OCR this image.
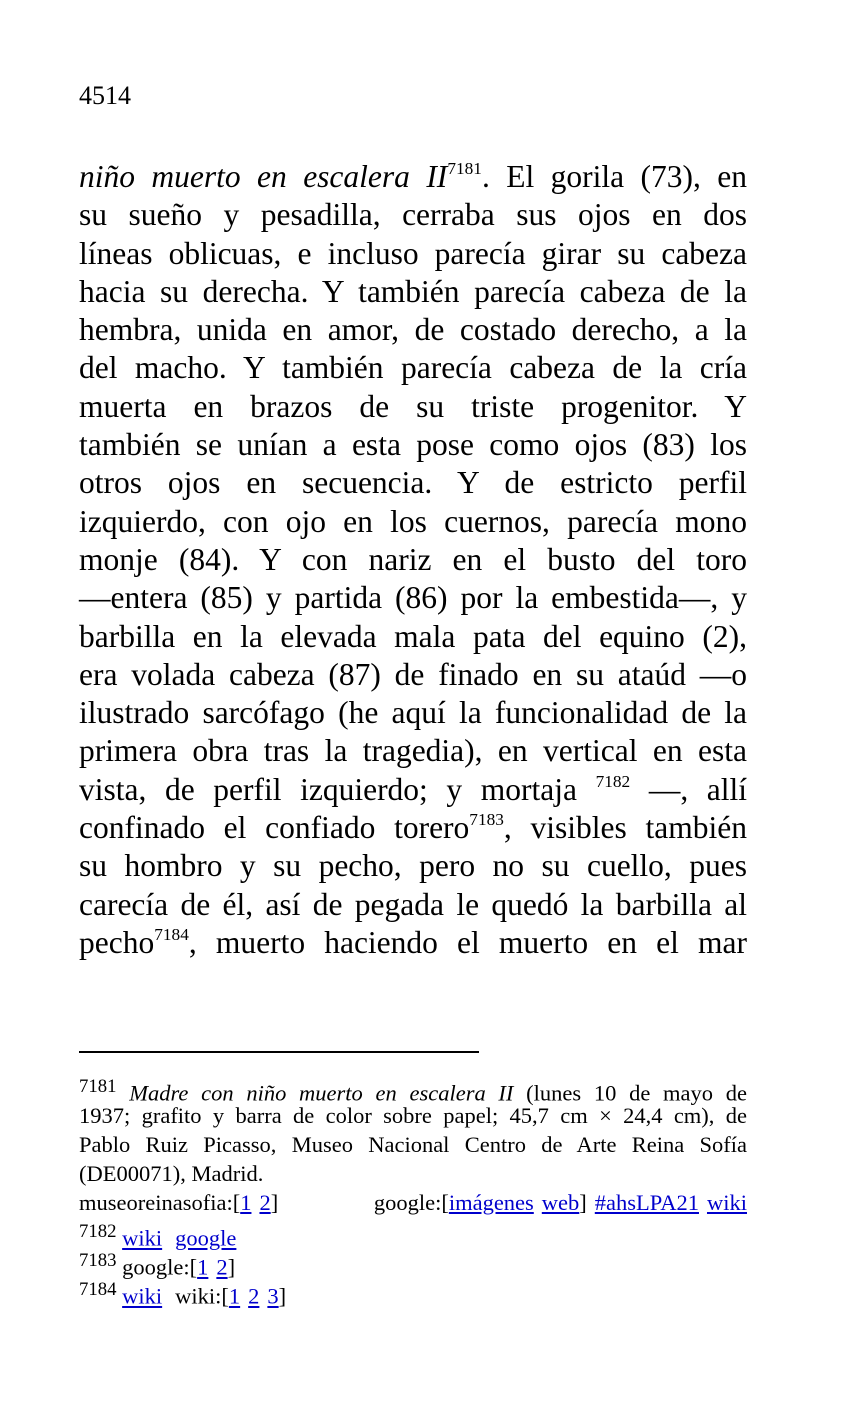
4514
niño muerto en escalera $II^{7181}$. El gorila (73), en
su sueño y pesadilla, cerraba sus ojos en dos
líneas oblicuas, e incluso parecía girar su cabeza
hacia su derecha. Y también parecía cabeza de la
hembra, unida en amor, de costado derecho, a la
del macho. Y también parecía cabeza de la cría
muerta en brazos de su triste progenitor. Y
también se unían a esta pose como ojos (83) los
otros ojos en secuencia. Y de estricto perfil
izquierdo, con ojo en los cuernos, parecía mono
monje (84). Y con nariz en el busto del toro
—entera (85) y partida (86) por la embestida—, y
barbilla en la elevada mala pata del equino (2),
era volada cabeza (87) de finado en su ataúd —o
ilustrado sarcófago (he aquí la funcionalidad de la
primera obra tras la tragedia), en vertical en esta
vista, de perfil izquierdo; y mortaja $^{7182}$ —, allí
confinado el confiado torero$^{7183}$, visibles también
su hombro y su pecho, pero no su cuello, pues
carecía de él, así de pegada le quedó la barbilla al
pecho$^{7184}$, muerto haciendo el muerto en el mar
$^{7181}$ Madre con niño muerto en escalera II (lunes 10 de mayo de
1937; grafito y barra de color sobre papel; 45,7 cm × 24,4 cm), de
Pablo Ruiz Picasso, Museo Nacional Centro de Arte Reina Sofía
(DE00071), Madrid.
museoreinasofia:[1 2] google:[imágenes web] #ahsLPA21 wiki
$^{7182}$ wiki google
$^{7183}$ google:[1 2]
$^{7184}$ wiki wiki:[1 2 3]
